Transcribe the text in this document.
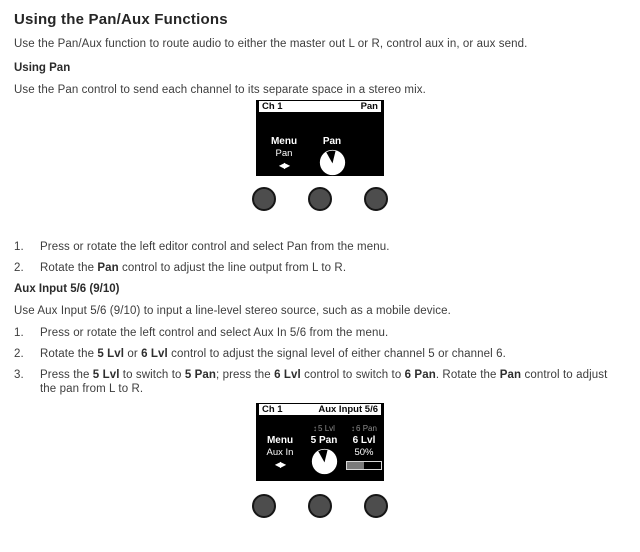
Using the Pan/Aux Functions
Use the Pan/Aux function to route audio to either the master out L or R, control aux in, or aux send.
Using Pan
Use the Pan control to send each channel to its separate space in a stereo mix.
Ch 1	Pan
Menu
Pan
◀▶
Pan
1.	Press or rotate the left editor control and select Pan from the menu.
2.	Rotate the Pan control to adjust the line output from L to R.
Aux Input 5/6 (9/10)
Use Aux Input 5/6 (9/10) to input a line-level stereo source, such as a mobile device.
1.	Press or rotate the left control and select Aux In 5/6 from the menu.
2.	Rotate the 5 Lvl or 6 Lvl control to adjust the signal level of either channel 5 or channel 6.
3.	Press the 5 Lvl to switch to 5 Pan; press the 6 Lvl control to switch to 6 Pan. Rotate the Pan control to adjust the pan from L to R.
Ch 1	Aux Input 5/6
Menu
Aux In
◀▶
↕5 Lvl
5 Pan
↕6 Pan
6 Lvl
50%
